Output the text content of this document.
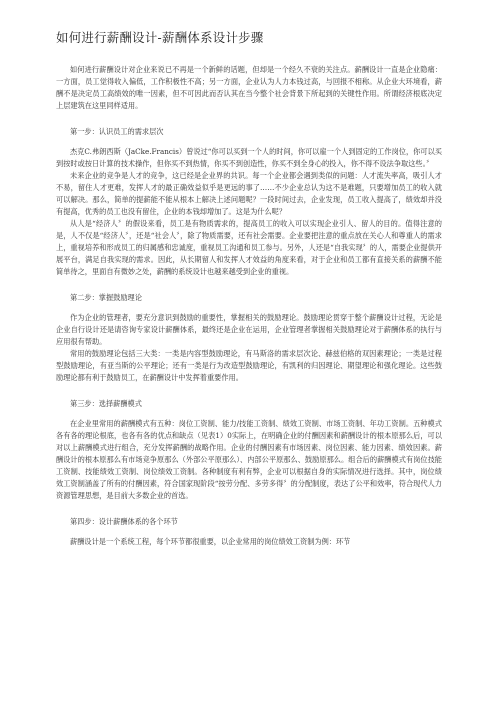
如何进行薪酬设计-薪酬体系设计步骤

如何进行薪酬设计对企业来说已不再是一个新鲜的话题，但却是一个经久不衰的关注点。薪酬设计一直是企业隐痛：一方面，员工觉得收入偏低，工作积极性不高；另一方面，企业认为人力本钱过高，与回报不相称。从企业大环境看，薪酬不是决定员工高绩效的唯一因素，但不可因此而否认其在当今整个社会背景下所起到的关键性作用。所谓经济根底决定上层建筑在这里同样适用。

第一步：认识员工的需求层次

杰克C.弗朗西斯（JaCke.Francis）曾说过“你可以买到一个人的时间，你可以雇一个人到固定的工作岗位，你可以买到按时或按日计算的技术操作，但你买不到热情，你买不到创造性，你买不到全身心的投入，你不得不设法争取这些。〞

未来企业的竞争是人才的竞争，这已经是企业界的共识。每一个企业都会遇到类似的问题：人才流失率高，吸引人才不易，留住人才更难，发挥人才的最正确效益似乎是更远的事了……不少企业总认为这不是难题，只要增加员工的收入就可以解决。那么，简单的提薪能不能从根本上解决上述问题呢？一段时间过去，企业发现，员工收入提高了，绩效却并没有提高，优秀的员工也没有留住，企业的本钱却增加了。这是为什么呢？

从人是“经济人〞的假设来看，员工是有物质需求的，提高员工的收入可以实现企业引人、留人的目的。值得注意的是，人不仅是“经济人〞，还是“社会人〞，除了物质需要，还有社会需要。企业要把注意的重点放在关心人和尊重人的需求上，重视培养和形成员工的归属感和忠诚度，重视员工沟通和员工参与。另外，人还是“自我实现〞的人，需要企业提供开展平台，满足自我实现的需求。因此，从长期留人和发挥人才效益的角度来看，对于企业和员工都有直接关系的薪酬不能简单待之，里面自有微妙之处，薪酬的系统设计也越来越受到企业的重视。

第二步：掌握鼓励理论

作为企业的管理者，要充分意识到鼓励的重要性，掌握相关的鼓励理论。鼓励理论贯穿于整个薪酬设计过程，无论是企业自行设计还是请咨询专家设计薪酬体系，最终还是企业在运用，企业管理者掌握相关鼓励理论对于薪酬体系的执行与应用很有帮助。

常用的鼓励理论包括三大类：一类是内容型鼓励理论，有马斯洛的需求层次论、赫兹伯格的双因素理论；一类是过程型鼓励理论，有亚当斯的公平理论；还有一类是行为改造型鼓励理论，有凯利的归因理论、期望理论和强化理论。这些鼓励理论都有利于鼓励员工，在薪酬设计中发挥着重要作用。

第三步：选择薪酬模式

在企业里常用的薪酬模式有五种：岗位工资制、能力/技能工资制、绩效工资制、市场工资制、年功工资制。五种模式各有各的理论根底，也各有各的优点和缺点（见表1）0实际上，在明确企业的付酬因素和薪酬设计的根本原那么后，可以对以上薪酬模式进行组合，充分发挥薪酬的战略作用。企业的付酬因素有市场因素、岗位因素、能力因素、绩效因素。薪酬设计的根本原那么有市场竞争原那么（外部公平原那么）、内部公平原那么、鼓励原那么。组合后的薪酬模式有岗位技能工资制、技能绩效工资制、岗位绩效工资制。各种制度有利有弊，企业可以根据自身的实际情况进行选择。其中，岗位绩效工资制涵盖了所有的付酬因素，符合国家现阶段“按劳分配、多劳多得〞的分配制度，表达了公平和效率，符合现代人力资源管理思想，是目前大多数企业的首选。

第四步：设计薪酬体系的各个环节

薪酬设计是一个系统工程，每个环节都很重要，以企业常用的岗位绩效工资制为例：环节
